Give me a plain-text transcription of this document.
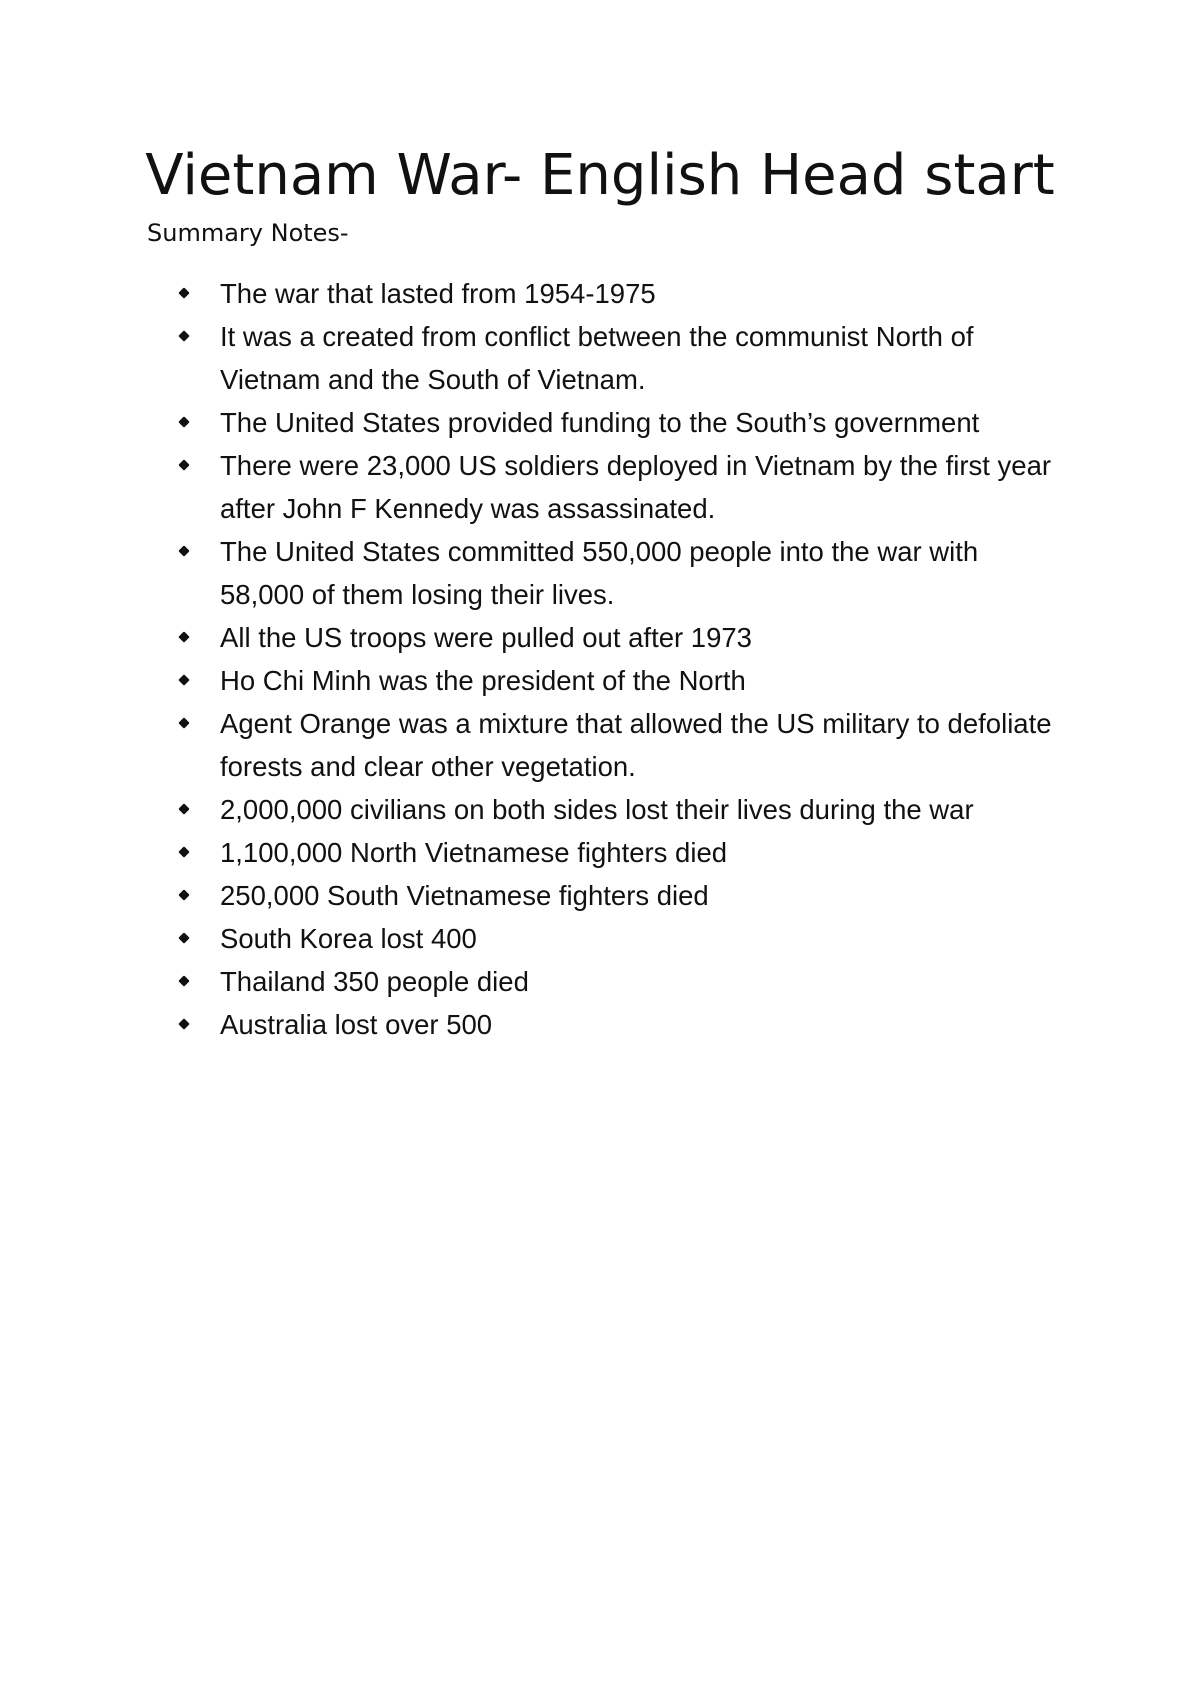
Vietnam War- English Head start

Summary Notes-

The war that lasted from 1954-1975
It was a created from conflict between the communist North of Vietnam and the South of Vietnam.
The United States provided funding to the South’s government
There were 23,000 US soldiers deployed in Vietnam by the first year after John F Kennedy was assassinated.
The United States committed 550,000 people into the war with 58,000 of them losing their lives.
All the US troops were pulled out after 1973
Ho Chi Minh was the president of the North
Agent Orange was a mixture that allowed the US military to defoliate forests and clear other vegetation.
2,000,000 civilians on both sides lost their lives during the war
1,100,000 North Vietnamese fighters died
250,000 South Vietnamese fighters died
South Korea lost 400
Thailand 350 people died
Australia lost over 500
